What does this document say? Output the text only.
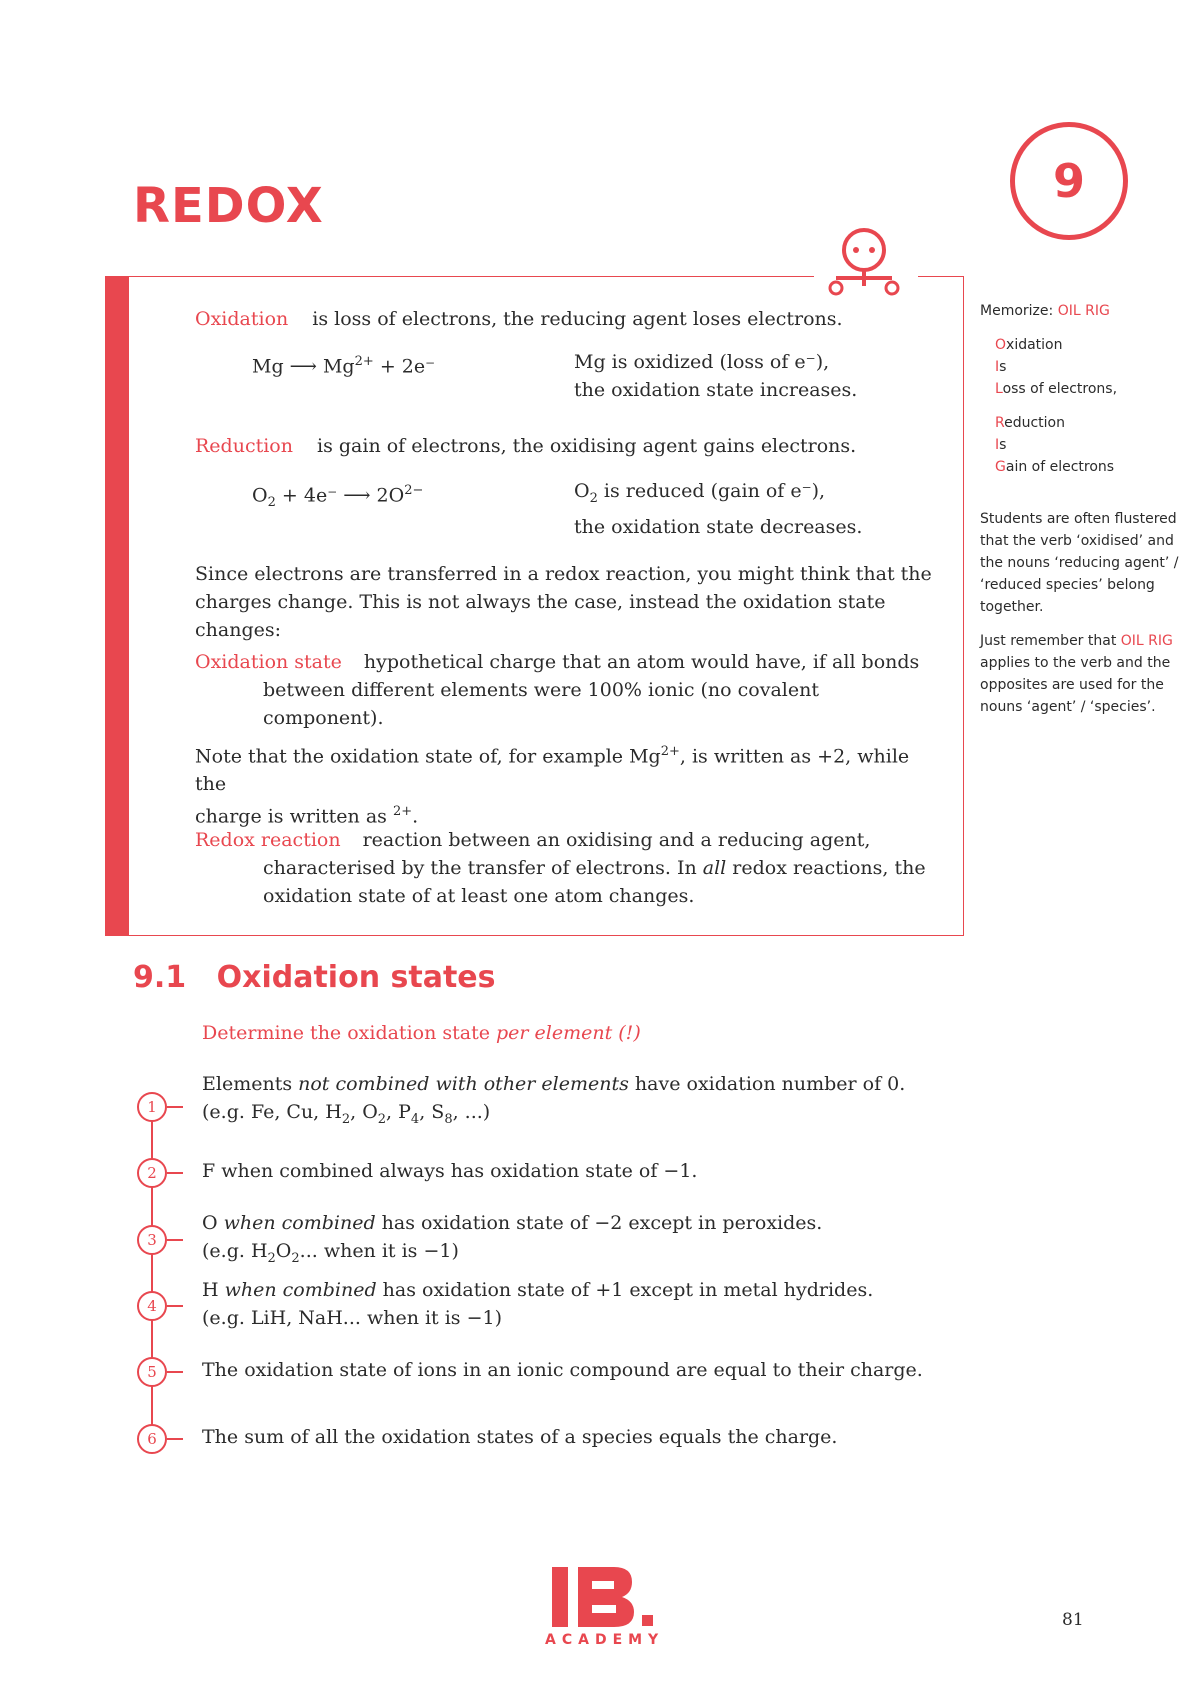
REDOX	9
Oxidation is loss of electrons, the reducing agent loses electrons.
Mg ⟶ $Mg^{2+} + 2e^-$	Mg is oxidized (loss of e⁻),
the oxidation state increases.
Reduction is gain of electrons, the oxidising agent gains electrons.
$O_2 + 4e^-$ ⟶ $2O^{2-}$	$O_2$ is reduced (gain of e⁻),
the oxidation state decreases.
Since electrons are transferred in a redox reaction, you might think that the charges change. This is not always the case, instead the oxidation state changes:
Oxidation state hypothetical charge that an atom would have, if all bonds
between different elements were 100% ionic (no covalent component).
Note that the oxidation state of, for example $Mg^{2+}$, is written as +2, while the
charge is written as $^{2+}$.
Redox reaction reaction between an oxidising and a reducing agent,
characterised by the transfer of electrons. In all redox reactions, the
oxidation state of at least one atom changes.
Memorize: OIL RIG
Oxidation
Is
Loss of electrons,
Reduction
Is
Gain of electrons
Students are often flustered that the verb ‘oxidised’ and the nouns ‘reducing agent’ / ‘reduced species’ belong together.
Just remember that OIL RIG applies to the verb and the opposites are used for the nouns ‘agent’ / ‘species’.
9.1 Oxidation states
Determine the oxidation state per element (!)
1
Elements not combined with other elements have oxidation number of 0.
(e.g. Fe, Cu, $H_2$, $O_2$, $P_4$, $S_8$, ...)
2	F when combined always has oxidation state of −1.
3
O when combined has oxidation state of −2 except in peroxides.
(e.g. $H_2O_2$... when it is −1)
4
H when combined has oxidation state of +1 except in metal hydrides.
(e.g. LiH, NaH... when it is −1)
5	The oxidation state of ions in an ionic compound are equal to their charge.
6	The sum of all the oxidation states of a species equals the charge.
ACADEMY
81
